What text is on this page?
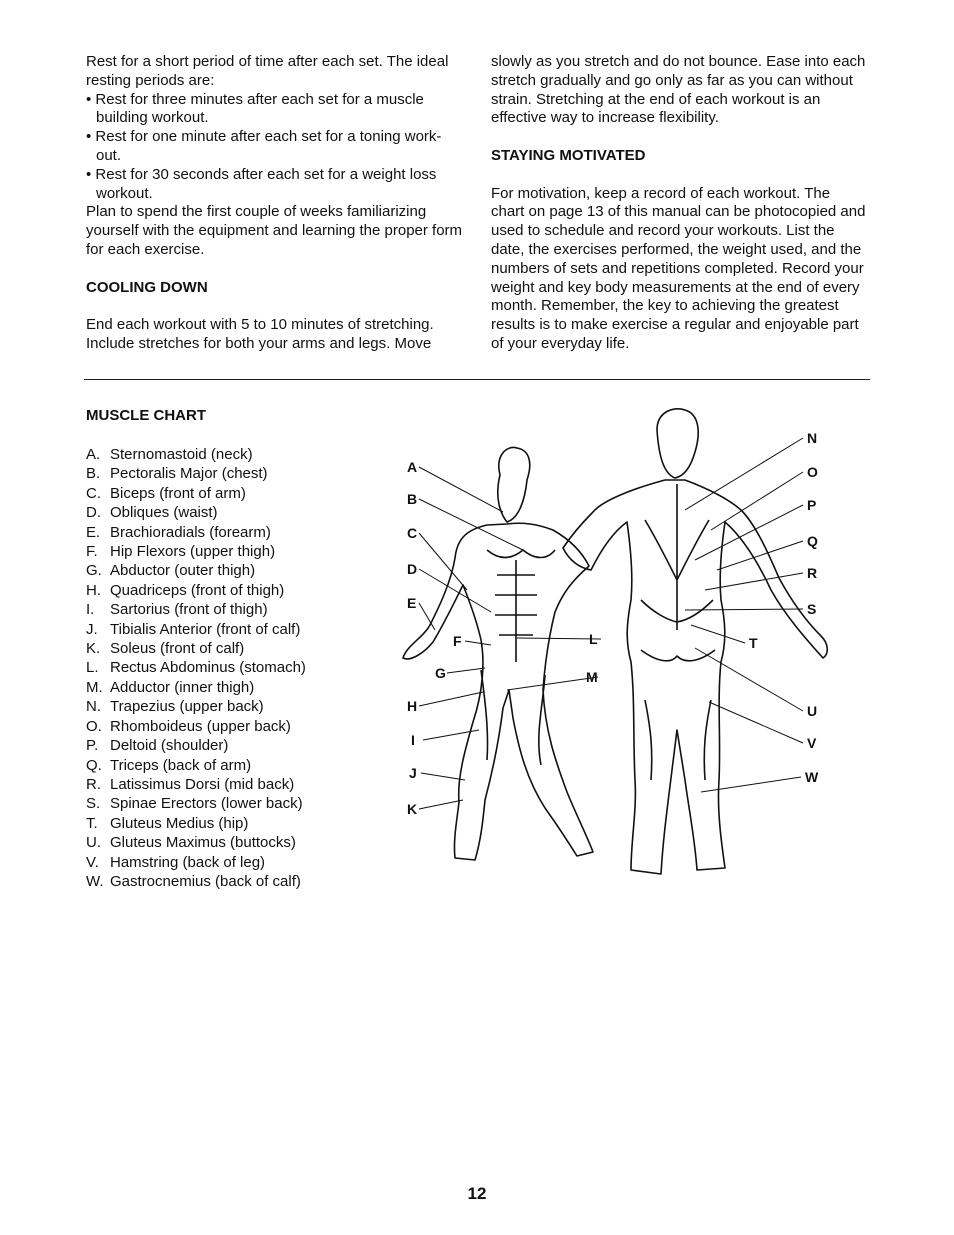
Rest for a short period of time after each set. The ideal resting periods are:

• Rest for three minutes after each set for a muscle building workout.
• Rest for one minute after each set for a toning work-out.
• Rest for 30 seconds after each set for a weight loss workout.

Plan to spend the first couple of weeks familiarizing yourself with the equipment and learning the proper form for each exercise.

COOLING DOWN

End each workout with 5 to 10 minutes of stretching. Include stretches for both your arms and legs. Move

slowly as you stretch and do not bounce. Ease into each stretch gradually and go only as far as you can without strain. Stretching at the end of each workout is an effective way to increase flexibility.

STAYING MOTIVATED

For motivation, keep a record of each workout. The chart on page 13 of this manual can be photocopied and used to schedule and record your workouts. List the date, the exercises performed, the weight used, and the numbers of sets and repetitions completed. Record your weight and key body measurements at the end of every month. Remember, the key to achieving the greatest results is to make exercise a regular and enjoyable part of your everyday life.

MUSCLE CHART
A. Sternomastoid (neck)
B. Pectoralis Major (chest)
C. Biceps (front of arm)
D. Obliques (waist)
E. Brachioradials (forearm)
F. Hip Flexors (upper thigh)
G. Abductor (outer thigh)
H. Quadriceps (front of thigh)
I.	Sartorius (front of thigh)
J. Tibialis Anterior (front of calf)
K. Soleus (front of calf)
L. Rectus Abdominus (stomach)
M. Adductor (inner thigh)
N. Trapezius (upper back)
O. Rhomboideus (upper back)
P. Deltoid (shoulder)
Q. Triceps (back of arm)
R. Latissimus Dorsi (mid back)
S. Spinae Erectors (lower back)
T. Gluteus Medius (hip)
U. Gluteus Maximus (buttocks)
V. Hamstring (back of leg)
W. Gastrocnemius (back of calf)
A
B
C
D
E
F
G
H
I
J
K
L
M
N
O
P
Q
R
S
T
U
V
W
12
